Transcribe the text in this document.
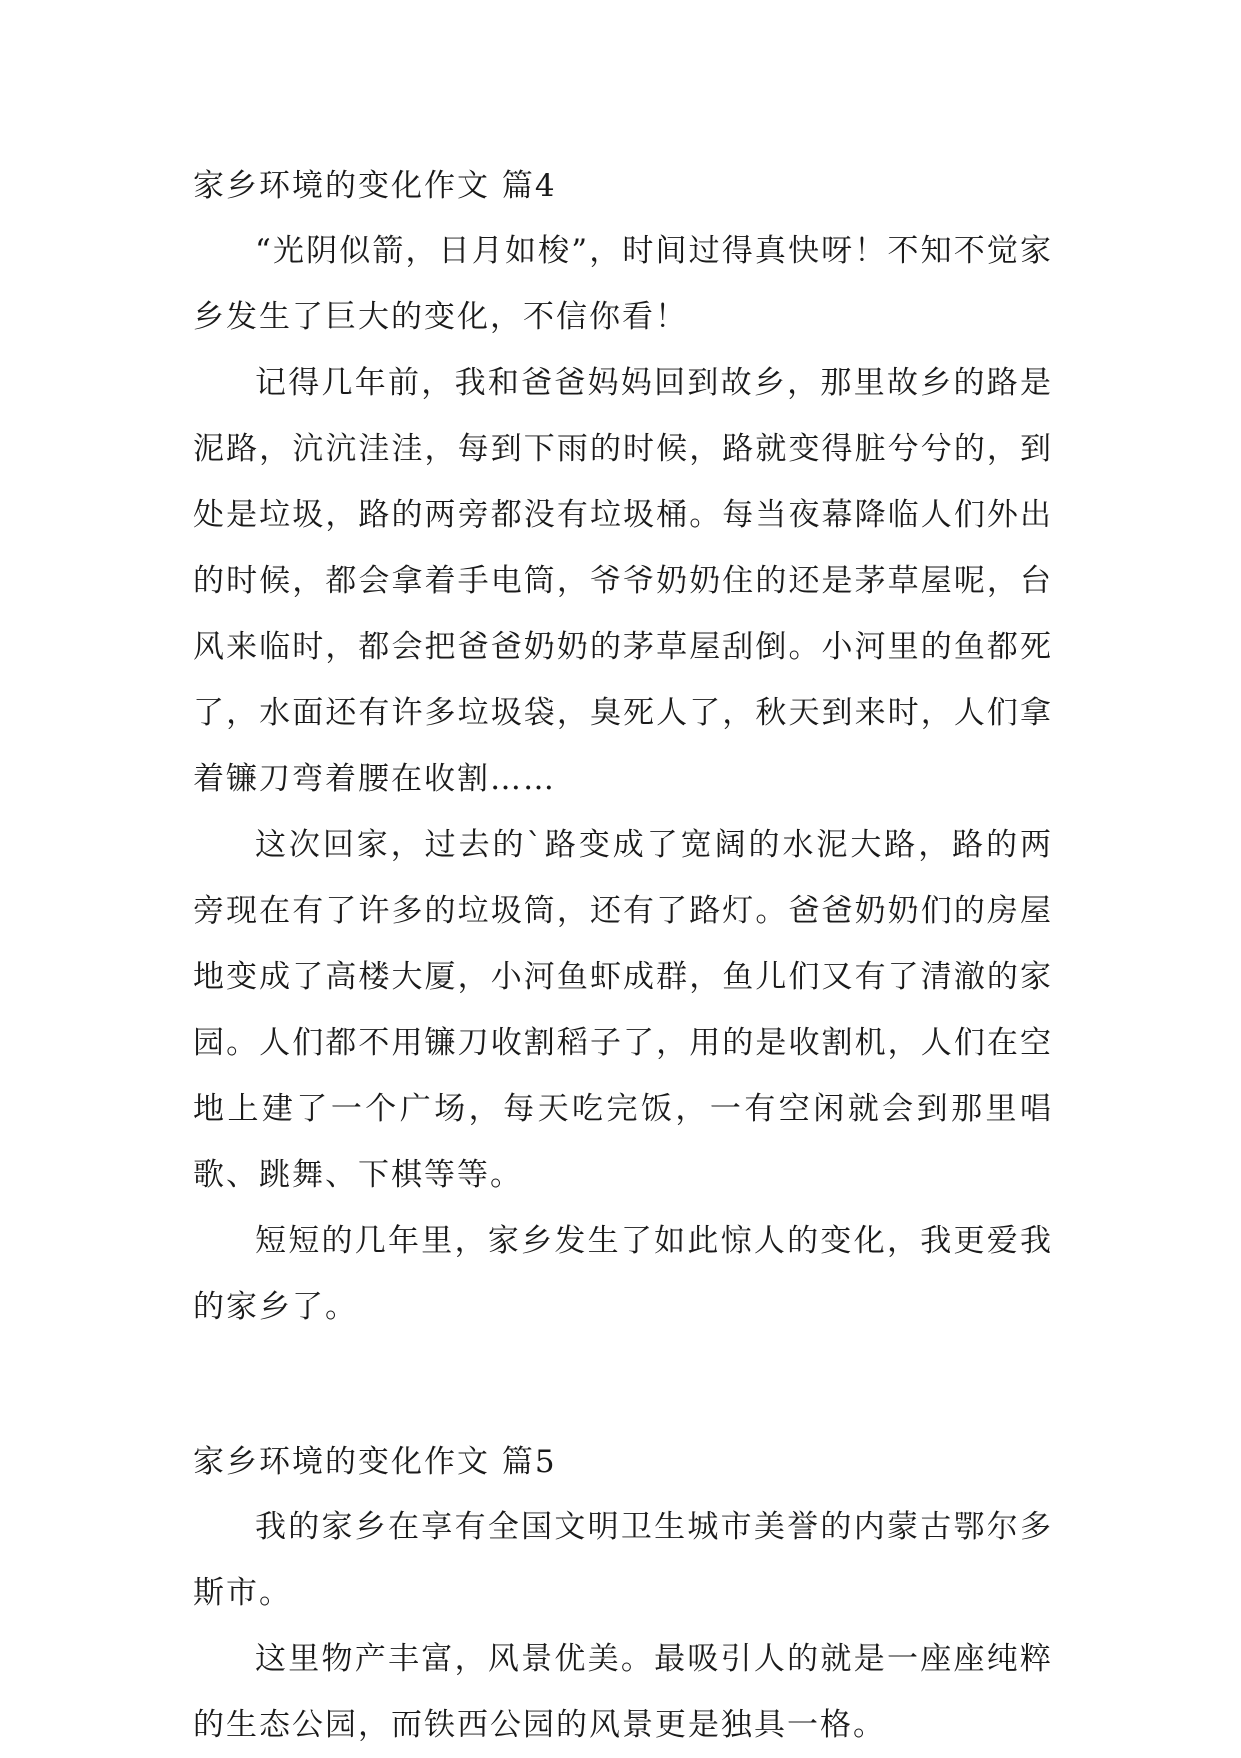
家乡环境的变化作文 篇4

“光阴似箭，日月如梭”，时间过得真快呀！不知不觉家乡发生了巨大的变化，不信你看！

记得几年前，我和爸爸妈妈回到故乡，那里故乡的路是泥路，沆沆洼洼，每到下雨的时候，路就变得脏兮兮的，到处是垃圾，路的两旁都没有垃圾桶。每当夜幕降临人们外出的时候，都会拿着手电筒，爷爷奶奶住的还是茅草屋呢，台风来临时，都会把爸爸奶奶的茅草屋刮倒。小河里的鱼都死了，水面还有许多垃圾袋，臭死人了，秋天到来时，人们拿着镰刀弯着腰在收割……

这次回家，过去的`路变成了宽阔的水泥大路，路的两旁现在有了许多的垃圾筒，还有了路灯。爸爸奶奶们的房屋地变成了高楼大厦，小河鱼虾成群，鱼儿们又有了清澈的家园。人们都不用镰刀收割稻子了，用的是收割机，人们在空地上建了一个广场，每天吃完饭，一有空闲就会到那里唱歌、跳舞、下棋等等。

短短的几年里，家乡发生了如此惊人的变化，我更爱我的家乡了。

家乡环境的变化作文 篇5

我的家乡在享有全国文明卫生城市美誉的内蒙古鄂尔多斯市。

这里物产丰富，风景优美。最吸引人的就是一座座纯粹的生态公园，而铁西公园的风景更是独具一格。
